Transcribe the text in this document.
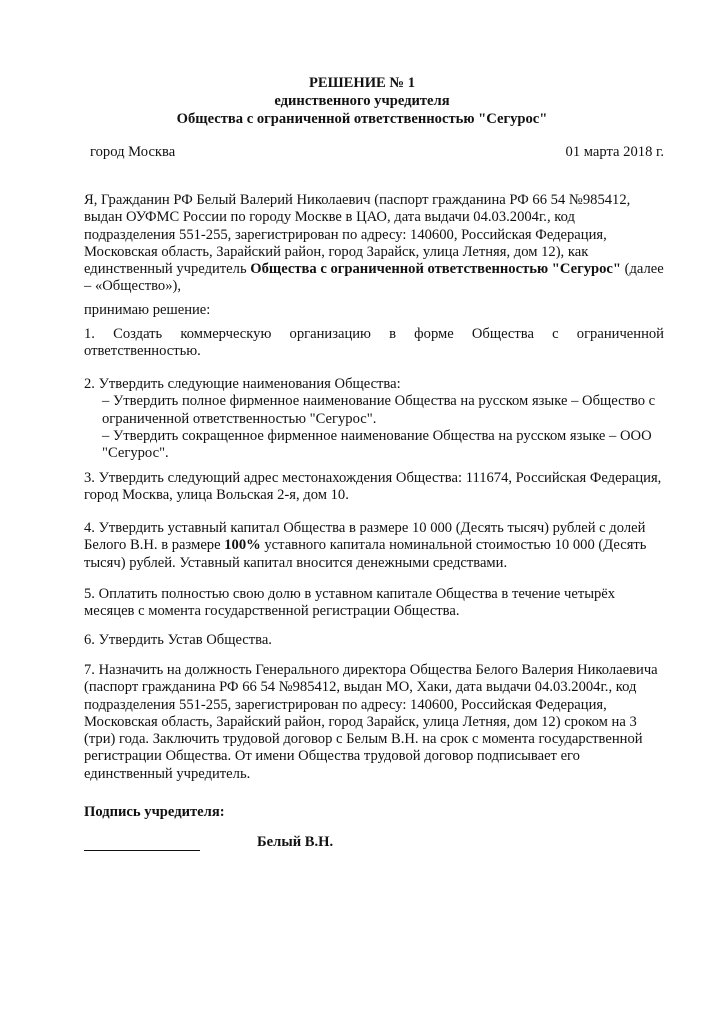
РЕШЕНИЕ № 1
единственного учредителя
Общества с ограниченной ответственностью "Сегурос"
город Москва	01 марта 2018 г.
Я, Гражданин РФ Белый Валерий Николаевич (паспорт гражданина РФ 66 54 №985412, выдан ОУФМС России по городу Москве в ЦАО, дата выдачи 04.03.2004г., код подразделения 551-255, зарегистрирован по адресу: 140600, Российская Федерация, Московская область, Зарайский район, город Зарайск, улица Летняя, дом 12), как единственный учредитель Общества с ограниченной ответственностью "Сегурос" (далее – «Общество»),
принимаю решение:
1. Создать коммерческую организацию в форме Общества с ограниченной ответственностью.
2. Утвердить следующие наименования Общества:
– Утвердить полное фирменное наименование Общества на русском языке – Общество с ограниченной ответственностью "Сегурос".
– Утвердить сокращенное фирменное наименование Общества на русском языке – ООО "Сегурос".
3. Утвердить следующий адрес местонахождения Общества: 111674, Российская Федерация, город Москва, улица Вольская 2-я, дом 10.
4. Утвердить уставный капитал Общества в размере 10 000 (Десять тысяч) рублей с долей Белого В.Н. в размере 100% уставного капитала номинальной стоимостью 10 000 (Десять тысяч) рублей. Уставный капитал вносится денежными средствами.
5. Оплатить полностью свою долю в уставном капитале Общества в течение четырёх месяцев с момента государственной регистрации Общества.
6. Утвердить Устав Общества.
7. Назначить на должность Генерального директора Общества Белого Валерия Николаевича (паспорт гражданина РФ 66 54 №985412, выдан МО, Хаки, дата выдачи 04.03.2004г., код подразделения 551-255, зарегистрирован по адресу: 140600, Российская Федерация, Московская область, Зарайский район, город Зарайск, улица Летняя, дом 12) сроком на 3 (три) года. Заключить трудовой договор с Белым В.Н. на срок с момента государственной регистрации Общества. От имени Общества трудовой договор подписывает его единственный учредитель.
Подпись учредителя:
Белый В.Н.
